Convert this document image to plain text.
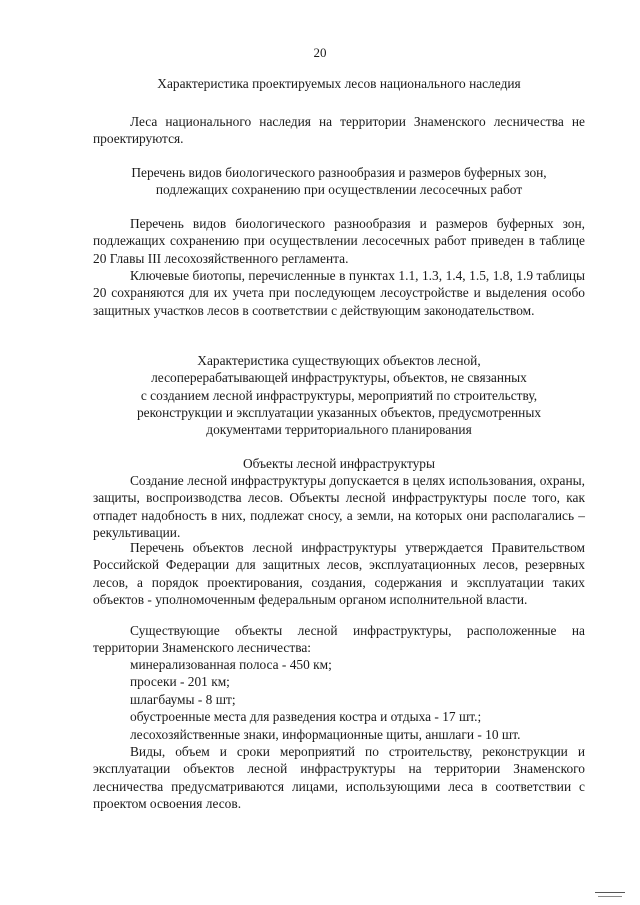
20
Характеристика проектируемых лесов национального наследия
Леса национального наследия на территории Знаменского лесничества не проектируются.
Перечень видов биологического разнообразия и размеров буферных зон,
подлежащих сохранению при осуществлении лесосечных работ
Перечень видов биологического разнообразия и размеров буферных зон, подлежащих сохранению при осуществлении лесосечных работ приведен в таблице 20 Главы III лесохозяйственного регламента.
Ключевые биотопы, перечисленные в пунктах 1.1, 1.3, 1.4, 1.5, 1.8, 1.9 таблицы 20 сохраняются для их учета при последующем лесоустройстве и выделения особо защитных участков лесов в соответствии с действующим законодательством.
Характеристика существующих объектов лесной,
лесоперерабатывающей инфраструктуры, объектов, не связанных
с созданием лесной инфраструктуры, мероприятий по строительству,
реконструкции и эксплуатации указанных объектов, предусмотренных
документами территориального планирования
Объекты лесной инфраструктуры
Создание лесной инфраструктуры допускается в целях использования, охраны, защиты, воспроизводства лесов. Объекты лесной инфраструктуры после того, как отпадет надобность в них, подлежат сносу, а земли, на которых они располагались – рекультивации.
Перечень объектов лесной инфраструктуры утверждается Правительством Российской Федерации для защитных лесов, эксплуатационных лесов, резервных лесов, а порядок проектирования, создания, содержания и эксплуатации таких объектов - уполномоченным федеральным органом исполнительной власти.
Существующие объекты лесной инфраструктуры, расположенные на территории Знаменского лесничества:
минерализованная полоса - 450 км;
просеки - 201 км;
шлагбаумы - 8 шт;
обустроенные места для разведения костра и отдыха - 17 шт.;
лесохозяйственные знаки, информационные щиты, аншлаги - 10 шт.
Виды, объем и сроки мероприятий по строительству, реконструкции и эксплуатации объектов лесной инфраструктуры на территории Знаменского лесничества предусматриваются лицами, использующими леса в соответствии с проектом освоения лесов.
